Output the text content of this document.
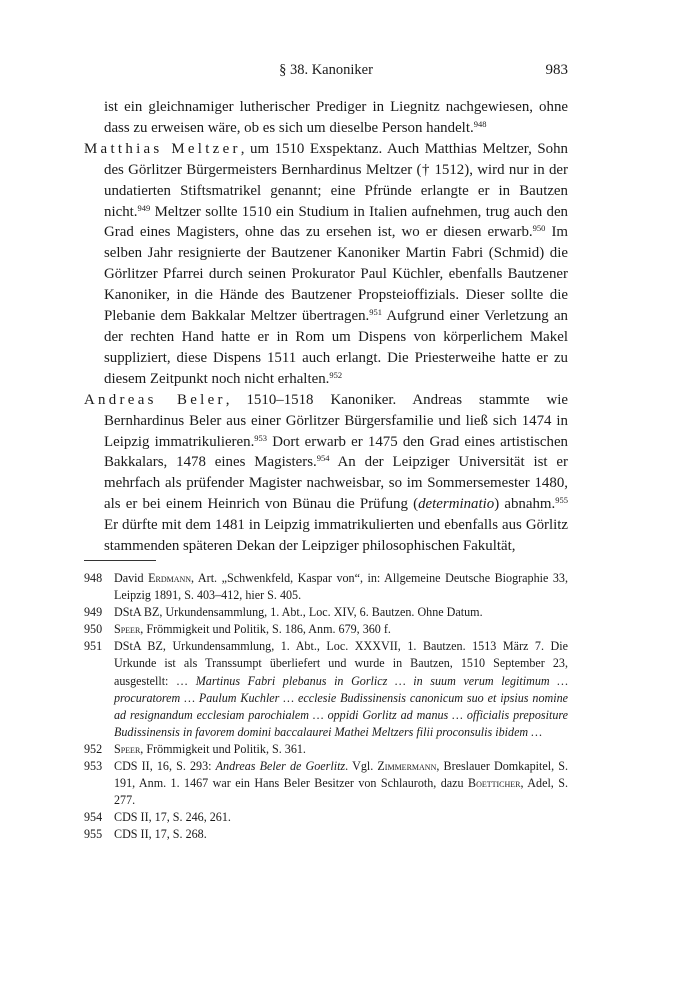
§ 38. Kanoniker	983

ist ein gleichnamiger lutherischer Prediger in Liegnitz nachgewiesen, ohne dass zu erweisen wäre, ob es sich um dieselbe Person handelt.$^{948}$

Matthias Meltzer, um 1510 Exspektanz. Auch Matthias Meltzer, Sohn des Görlitzer Bürgermeisters Bernhardinus Meltzer († 1512), wird nur in der undatierten Stiftsmatrikel genannt; eine Pfründe erlangte er in Bautzen nicht.$^{949}$ Meltzer sollte 1510 ein Studium in Italien aufnehmen, trug auch den Grad eines Magisters, ohne das zu ersehen ist, wo er diesen erwarb.$^{950}$ Im selben Jahr resignierte der Bautzener Kanoniker Martin Fabri (Schmid) die Görlitzer Pfarrei durch seinen Prokurator Paul Küchler, ebenfalls Bautzener Kanoniker, in die Hände des Bautzener Propsteioffizials. Dieser sollte die Plebanie dem Bakkalar Meltzer übertragen.$^{951}$ Aufgrund einer Verletzung an der rechten Hand hatte er in Rom um Dispens von körperlichem Makel suppliziert, diese Dispens 1511 auch erlangt. Die Priesterweihe hatte er zu diesem Zeitpunkt noch nicht erhalten.$^{952}$

Andreas Beler, 1510–1518 Kanoniker. Andreas stammte wie Bernhardinus Beler aus einer Görlitzer Bürgersfamilie und ließ sich 1474 in Leipzig immatrikulieren.$^{953}$ Dort erwarb er 1475 den Grad eines artistischen Bakkalars, 1478 eines Magisters.$^{954}$ An der Leipziger Universität ist er mehrfach als prüfender Magister nachweisbar, so im Sommersemester 1480, als er bei einem Heinrich von Bünau die Prüfung (determinatio) abnahm.$^{955}$ Er dürfte mit dem 1481 in Leipzig immatrikulierten und ebenfalls aus Görlitz stammenden späteren Dekan der Leipziger philosophischen Fakultät,

948 David Erdmann, Art. „Schwenkfeld, Kaspar von“, in: Allgemeine Deutsche Biographie 33, Leipzig 1891, S. 403–412, hier S. 405.
949 DStA BZ, Urkundensammlung, 1. Abt., Loc. XIV, 6. Bautzen. Ohne Datum.
950 Speer, Frömmigkeit und Politik, S. 186, Anm. 679, 360 f.
951 DStA BZ, Urkundensammlung, 1. Abt., Loc. XXXVII, 1. Bautzen. 1513 März 7. Die Urkunde ist als Transsumpt überliefert und wurde in Bautzen, 1510 September 23, ausgestellt: … Martinus Fabri plebanus in Gorlicz … in suum verum legitimum … procuratorem … Paulum Kuchler … ecclesie Budissinensis canonicum suo et ipsius nomine ad resignandum ecclesiam parochialem … oppidi Gorlitz ad manus … officialis prepositure Budissinensis in favorem domini baccalaurei Mathei Meltzers filii proconsulis ibidem …
952 Speer, Frömmigkeit und Politik, S. 361.
953 CDS II, 16, S. 293: Andreas Beler de Goerlitz. Vgl. Zimmermann, Breslauer Domkapitel, S. 191, Anm. 1. 1467 war ein Hans Beler Besitzer von Schlauroth, dazu Boetticher, Adel, S. 277.
954 CDS II, 17, S. 246, 261.
955 CDS II, 17, S. 268.
